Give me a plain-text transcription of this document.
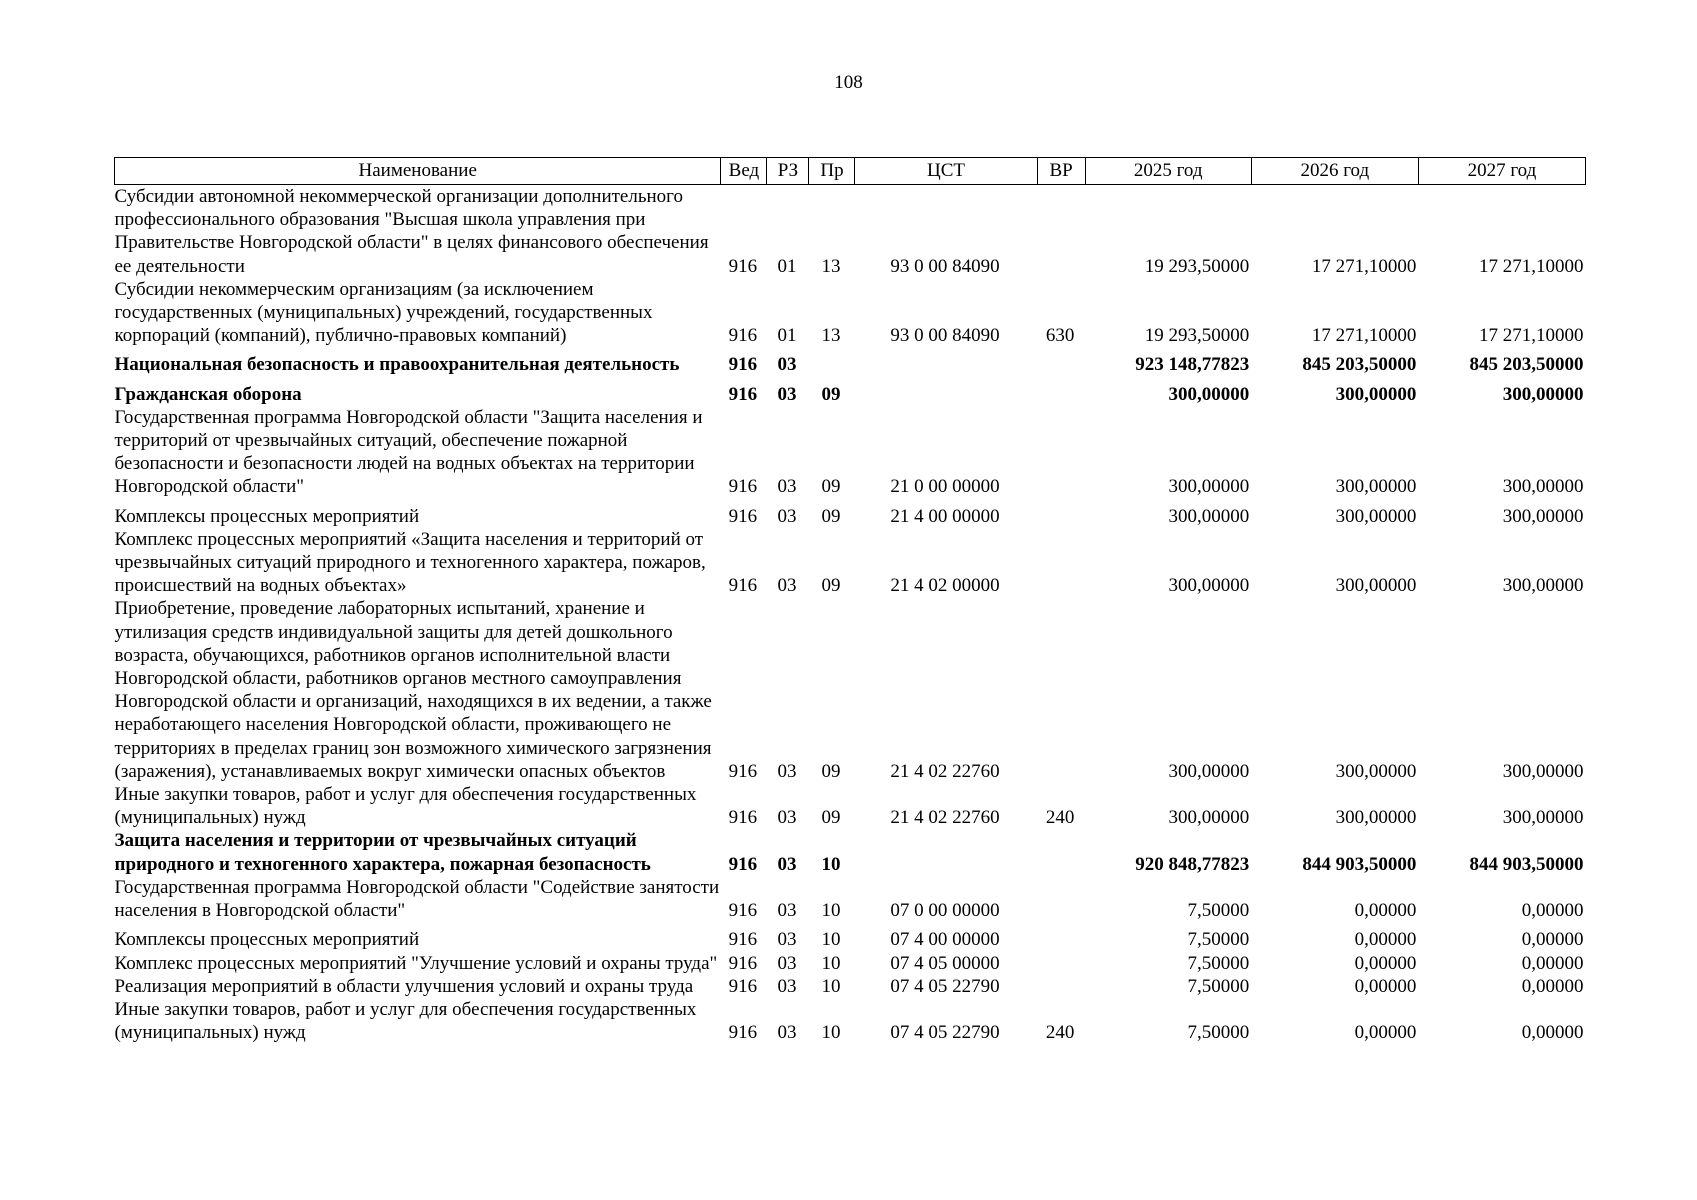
108
Наименование	Вед	РЗ	Пр	ЦСТ	ВР	2025 год	2026 год	2027 год
Субсидии автономной некоммерческой организации дополнительного профессионального образования "Высшая школа управления при Правительстве Новгородской области" в целях финансового обеспечения ее деятельности	916	01	13	93 0 00 84090		19 293,50000	17 271,10000	17 271,10000
Субсидии некоммерческим организациям (за исключением государственных (муниципальных) учреждений, государственных корпораций (компаний), публично-правовых компаний)	916	01	13	93 0 00 84090	630	19 293,50000	17 271,10000	17 271,10000
Национальная безопасность и правоохранительная деятельность	916	03				923 148,77823	845 203,50000	845 203,50000
Гражданская оборона	916	03	09			300,00000	300,00000	300,00000
Государственная программа Новгородской области "Защита населения и территорий от чрезвычайных ситуаций, обеспечение пожарной безопасности и безопасности людей на водных объектах на территории Новгородской области"	916	03	09	21 0 00 00000		300,00000	300,00000	300,00000
Комплексы процессных мероприятий	916	03	09	21 4 00 00000		300,00000	300,00000	300,00000
Комплекс процессных мероприятий «Защита населения и территорий от чрезвычайных ситуаций природного и техногенного характера, пожаров, происшествий на водных объектах»	916	03	09	21 4 02 00000		300,00000	300,00000	300,00000
Приобретение, проведение лабораторных испытаний, хранение и утилизация средств индивидуальной защиты для детей дошкольного возраста, обучающихся, работников органов исполнительной власти Новгородской области, работников органов местного самоуправления Новгородской области и организаций, находящихся в их ведении, а также неработающего населения Новгородской области, проживающего не территориях в пределах границ зон возможного химического загрязнения (заражения), устанавливаемых вокруг химически опасных объектов	916	03	09	21 4 02 22760		300,00000	300,00000	300,00000
Иные закупки товаров, работ и услуг для обеспечения государственных (муниципальных) нужд	916	03	09	21 4 02 22760	240	300,00000	300,00000	300,00000
Защита населения и территории от чрезвычайных ситуаций природного и техногенного характера, пожарная безопасность	916	03	10			920 848,77823	844 903,50000	844 903,50000
Государственная программа Новгородской области "Содействие занятости населения в Новгородской области"	916	03	10	07 0 00 00000		7,50000	0,00000	0,00000
Комплексы процессных мероприятий	916	03	10	07 4 00 00000		7,50000	0,00000	0,00000
Комплекс процессных мероприятий "Улучшение условий и охраны труда"	916	03	10	07 4 05 00000		7,50000	0,00000	0,00000
Реализация мероприятий в области улучшения условий и охраны труда	916	03	10	07 4 05 22790		7,50000	0,00000	0,00000
Иные закупки товаров, работ и услуг для обеспечения государственных (муниципальных) нужд	916	03	10	07 4 05 22790	240	7,50000	0,00000	0,00000
